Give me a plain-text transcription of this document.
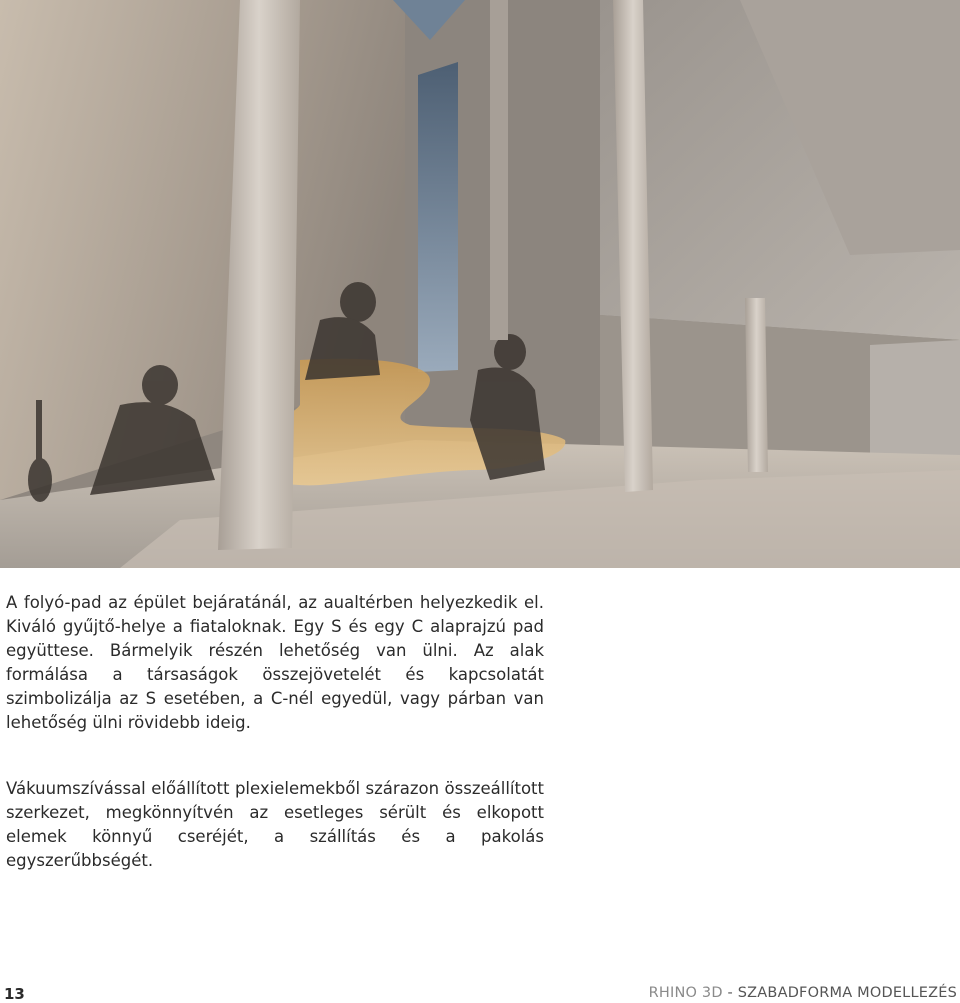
A folyó-pad az épület bejáratánál, az aualtérben helyezkedik el. Kiváló gyűjtő-helye a fiataloknak. Egy S és egy C alaprajzú pad együttese. Bármelyik részén lehetőség van ülni. Az alak formálása a társaságok összejövetelét és kapcsolatát szimbolizálja az S esetében, a C-nél egyedül, vagy párban van lehetőség ülni rövidebb ideig.
Vákuumszívással előállított plexielemekből szárazon összeállított szerkezet, megkönnyítvén az esetleges sérült és elkopott elemek könnyű cseréjét, a szállítás és a pakolás egyszerűbbségét.
13	RHINO 3D - SZABADFORMA MODELLEZÉS
